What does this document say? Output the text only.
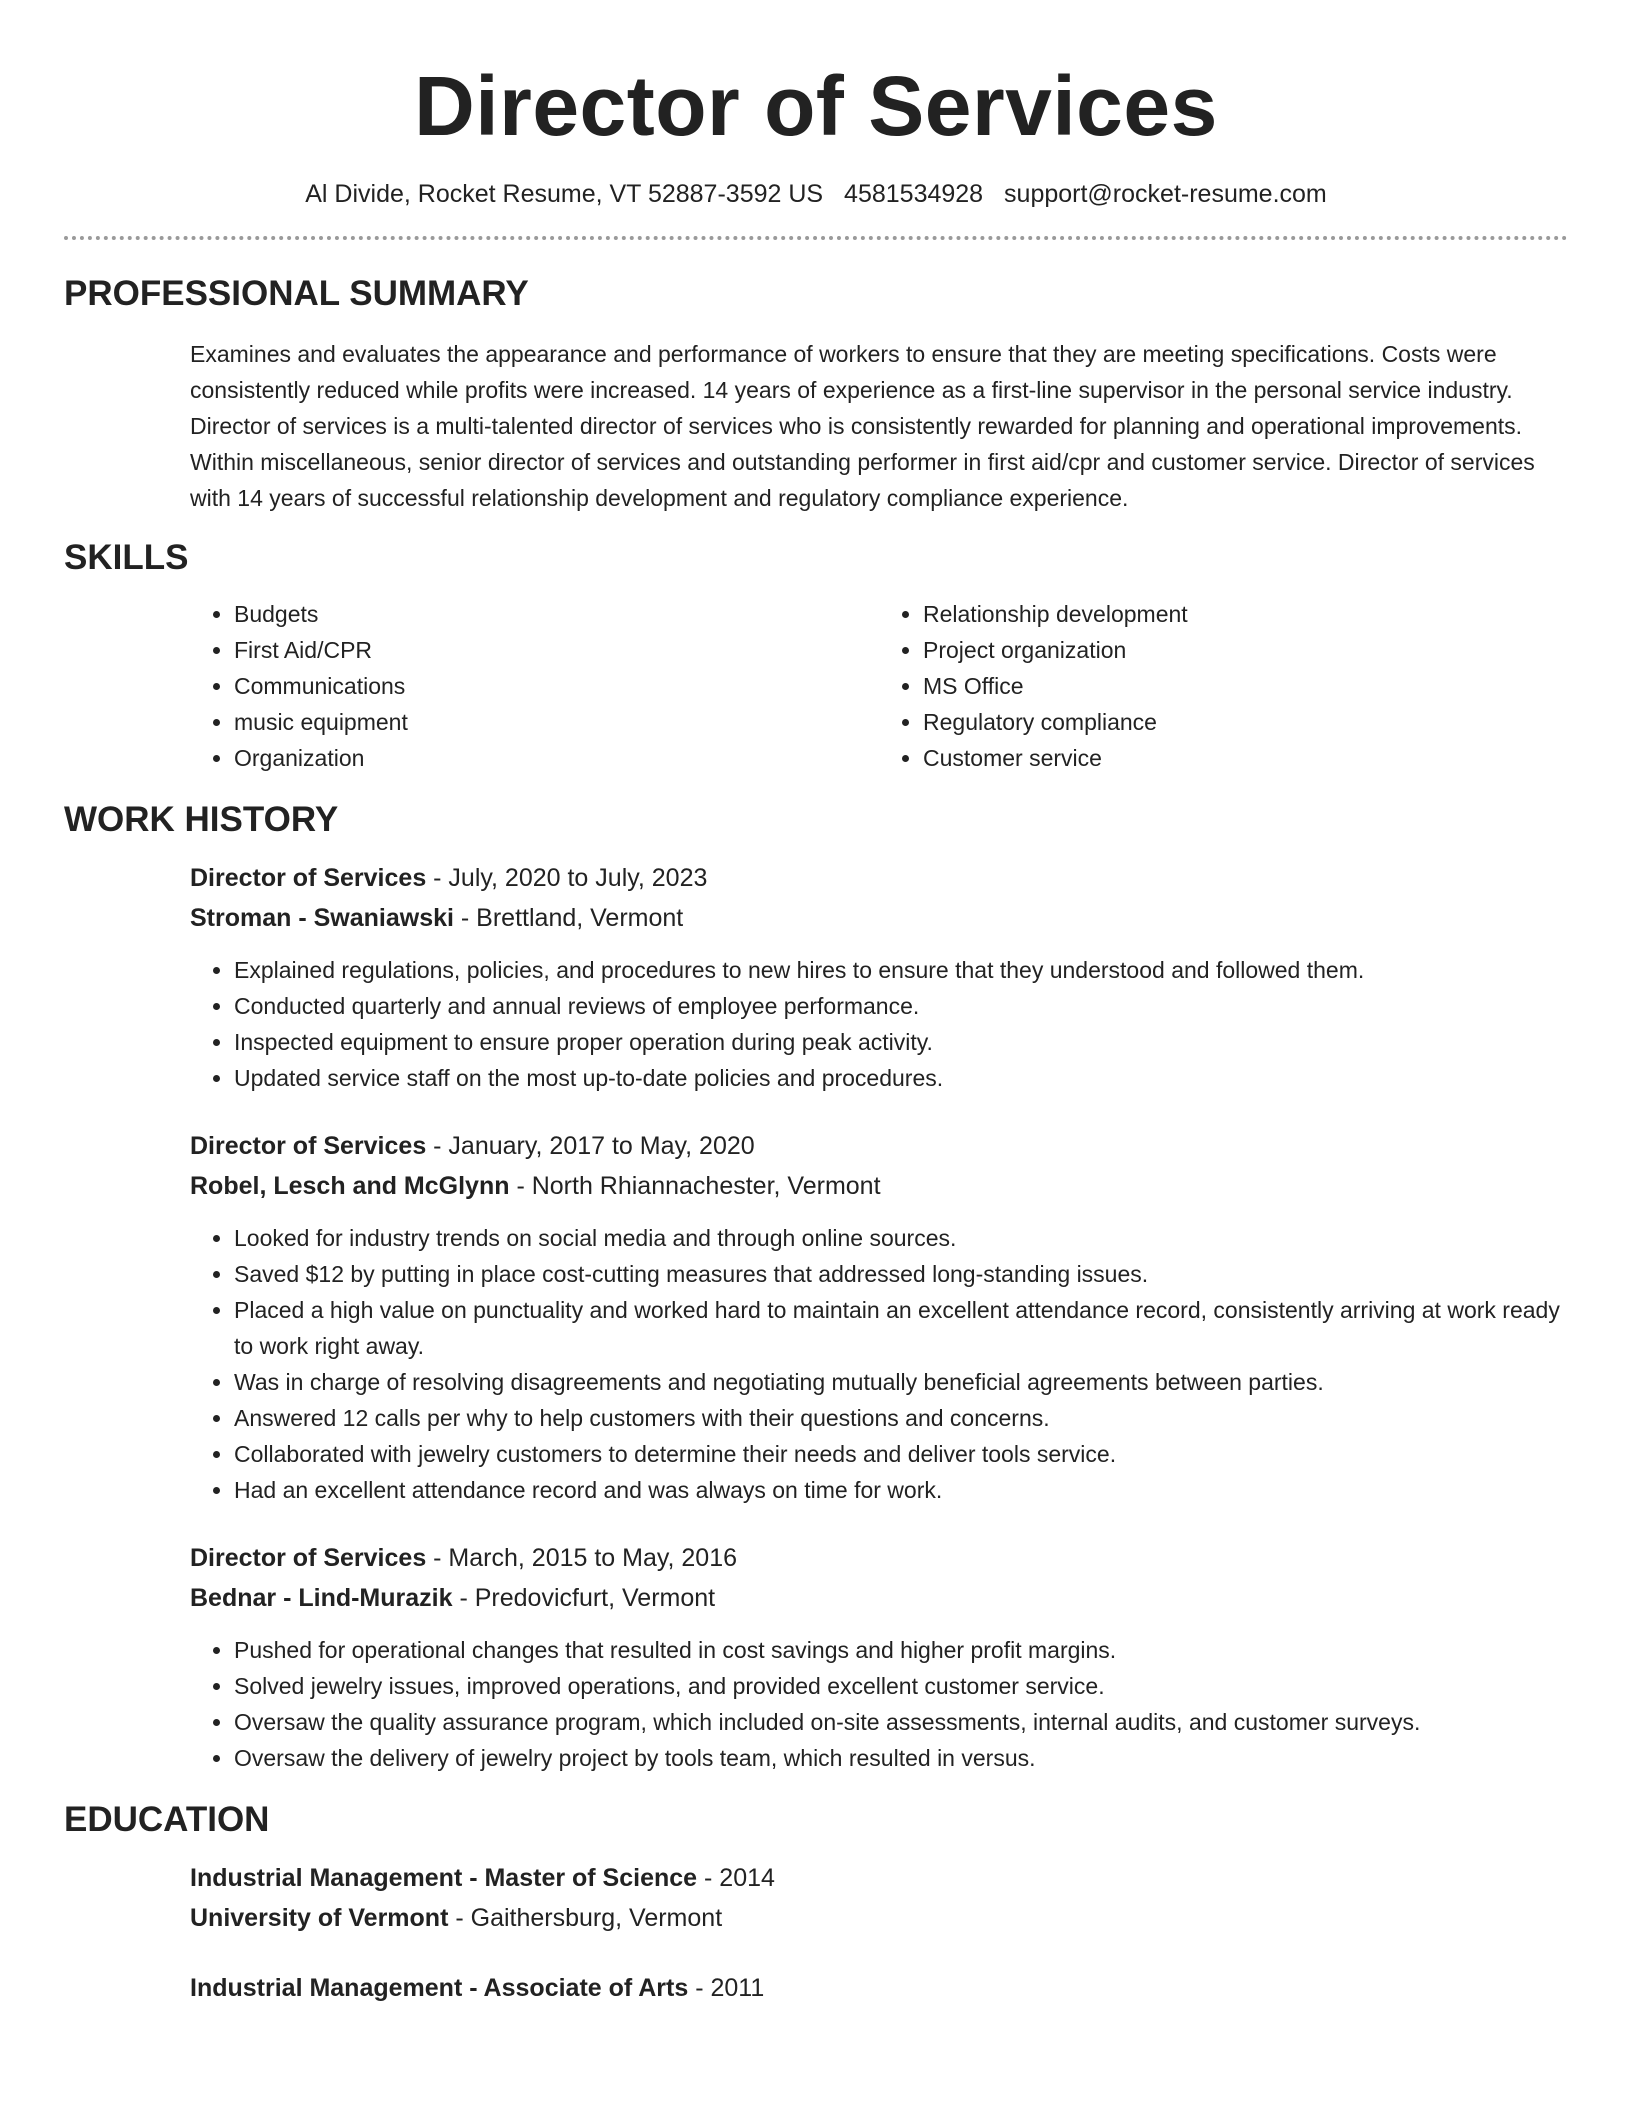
Director of Services
Al Divide, Rocket Resume, VT 52887-3592 US 4581534928 support@rocket-resume.com
PROFESSIONAL SUMMARY

Examines and evaluates the appearance and performance of workers to ensure that they are meeting specifications. Costs were consistently reduced while profits were increased. 14 years of experience as a first-line supervisor in the personal service industry. Director of services is a multi-talented director of services who is consistently rewarded for planning and operational improvements. Within miscellaneous, senior director of services and outstanding performer in first aid/cpr and customer service. Director of services with 14 years of successful relationship development and regulatory compliance experience.

SKILLS
• Budgets
• First Aid/CPR
• Communications
• music equipment
• Organization
• Relationship development
• Project organization
• MS Office
• Regulatory compliance
• Customer service
WORK HISTORY
Director of Services - July, 2020 to July, 2023
Stroman - Swaniawski - Brettland, Vermont
• Explained regulations, policies, and procedures to new hires to ensure that they understood and followed them.
• Conducted quarterly and annual reviews of employee performance.
• Inspected equipment to ensure proper operation during peak activity.
• Updated service staff on the most up-to-date policies and procedures.
Director of Services - January, 2017 to May, 2020
Robel, Lesch and McGlynn - North Rhiannachester, Vermont
• Looked for industry trends on social media and through online sources.
• Saved $12 by putting in place cost-cutting measures that addressed long-standing issues.
• Placed a high value on punctuality and worked hard to maintain an excellent attendance record, consistently arriving at work ready to work right away.
• Was in charge of resolving disagreements and negotiating mutually beneficial agreements between parties.
• Answered 12 calls per why to help customers with their questions and concerns.
• Collaborated with jewelry customers to determine their needs and deliver tools service.
• Had an excellent attendance record and was always on time for work.
Director of Services - March, 2015 to May, 2016
Bednar - Lind-Murazik - Predovicfurt, Vermont
• Pushed for operational changes that resulted in cost savings and higher profit margins.
• Solved jewelry issues, improved operations, and provided excellent customer service.
• Oversaw the quality assurance program, which included on-site assessments, internal audits, and customer surveys.
• Oversaw the delivery of jewelry project by tools team, which resulted in versus.
EDUCATION
Industrial Management - Master of Science - 2014
University of Vermont - Gaithersburg, Vermont
Industrial Management - Associate of Arts - 2011
